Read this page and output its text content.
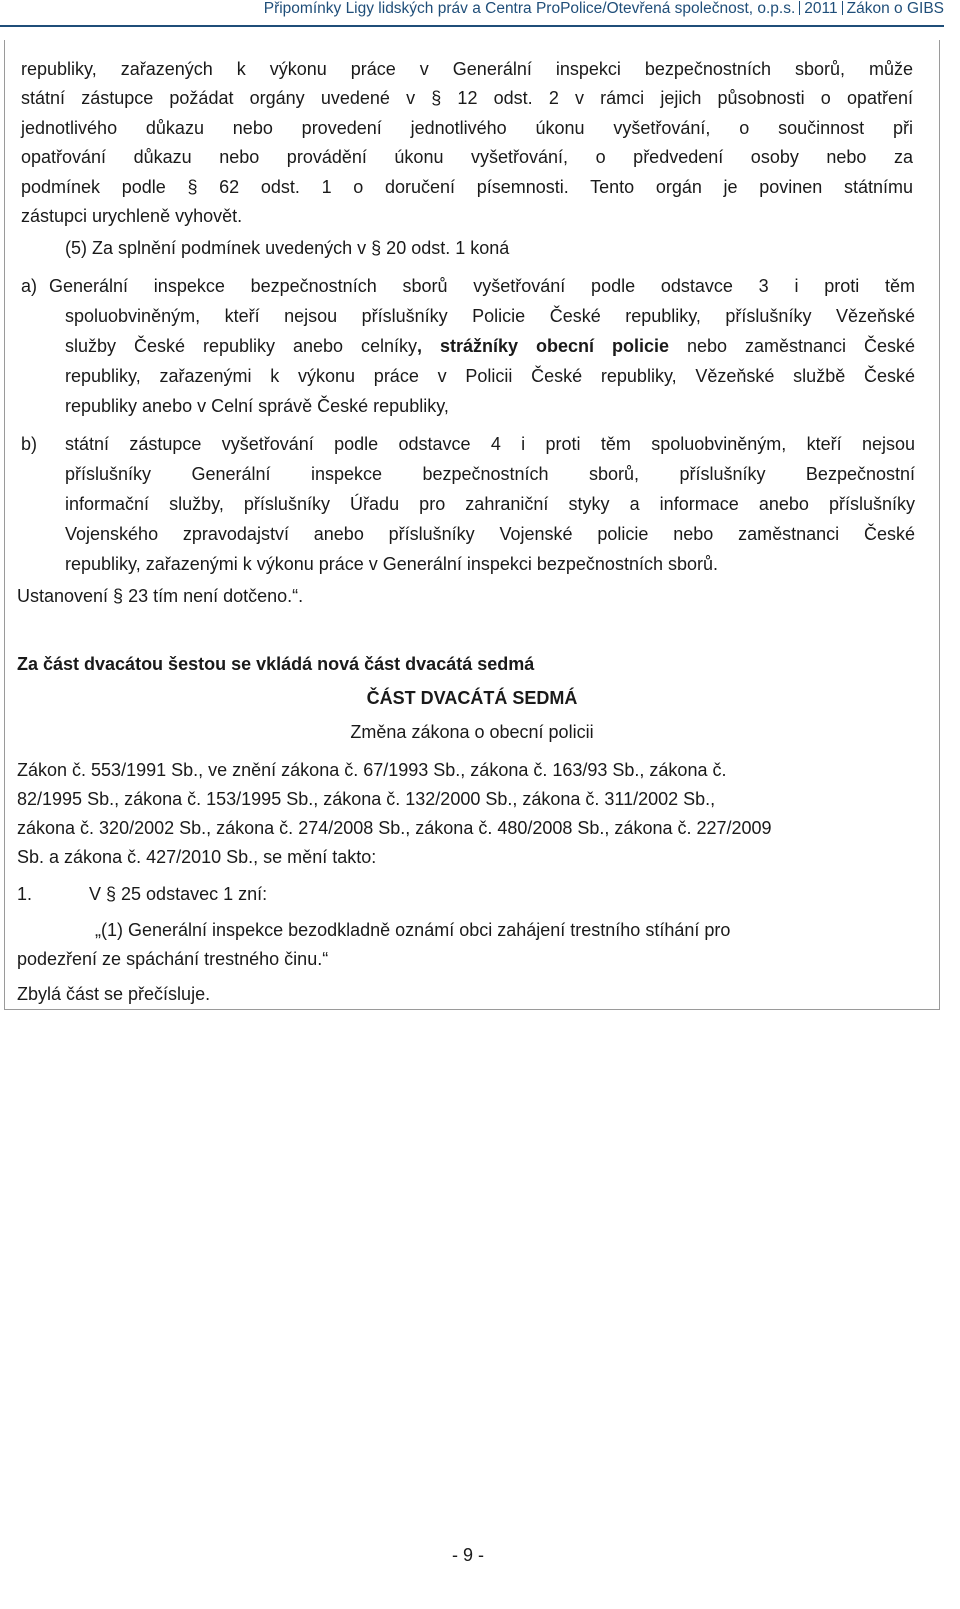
Připomínky Ligy lidských práv a Centra ProPolice/Otevřená společnost, o.p.s. 2011 Zákon o GIBS

republiky, zařazených k výkonu práce v Generální inspekci bezpečnostních sborů, může

státní zástupce požádat orgány uvedené v § 12 odst. 2 v rámci jejich působnosti o opatření

jednotlivého důkazu nebo provedení jednotlivého úkonu vyšetřování, o součinnost při

opatřování důkazu nebo provádění úkonu vyšetřování, o předvedení osoby nebo za

podmínek podle § 62 odst. 1 o doručení písemnosti. Tento orgán je povinen státnímu

zástupci urychleně vyhovět.

(5) Za splnění podmínek uvedených v § 20 odst. 1 koná

a) Generální inspekce bezpečnostních sborů vyšetřování podle odstavce 3 i proti těm

spoluobviněným, kteří nejsou příslušníky Policie České republiky, příslušníky Vězeňské

služby České republiky anebo celníky, strážníky obecní policie nebo zaměstnanci České

republiky, zařazenými k výkonu práce v Policii České republiky, Vězeňské službě České

republiky anebo v Celní správě České republiky,

b) státní zástupce vyšetřování podle odstavce 4 i proti těm spoluobviněným, kteří nejsou

příslušníky Generální inspekce bezpečnostních sborů, příslušníky Bezpečnostní

informační služby, příslušníky Úřadu pro zahraniční styky a informace anebo příslušníky

Vojenského zpravodajství anebo příslušníky Vojenské policie nebo zaměstnanci České

republiky, zařazenými k výkonu práce v Generální inspekci bezpečnostních sborů.

Ustanovení § 23 tím není dotčeno.“.

Za část dvacátou šestou se vkládá nová část dvacátá sedmá

ČÁST DVACÁTÁ SEDMÁ

Změna zákona o obecní policii

Zákon č. 553/1991 Sb., ve znění zákona č. 67/1993 Sb., zákona č. 163/93 Sb., zákona č.

82/1995 Sb., zákona č. 153/1995 Sb., zákona č. 132/2000 Sb., zákona č. 311/2002 Sb.,

zákona č. 320/2002 Sb., zákona č. 274/2008 Sb., zákona č. 480/2008 Sb., zákona č. 227/2009

Sb. a zákona č. 427/2010 Sb., se mění takto:

1.	V § 25 odstavec 1 zní:

„(1) Generální inspekce bezodkladně oznámí obci zahájení trestního stíhání pro

podezření ze spáchání trestného činu.“

Zbylá část se přečísluje.

- 9 -
